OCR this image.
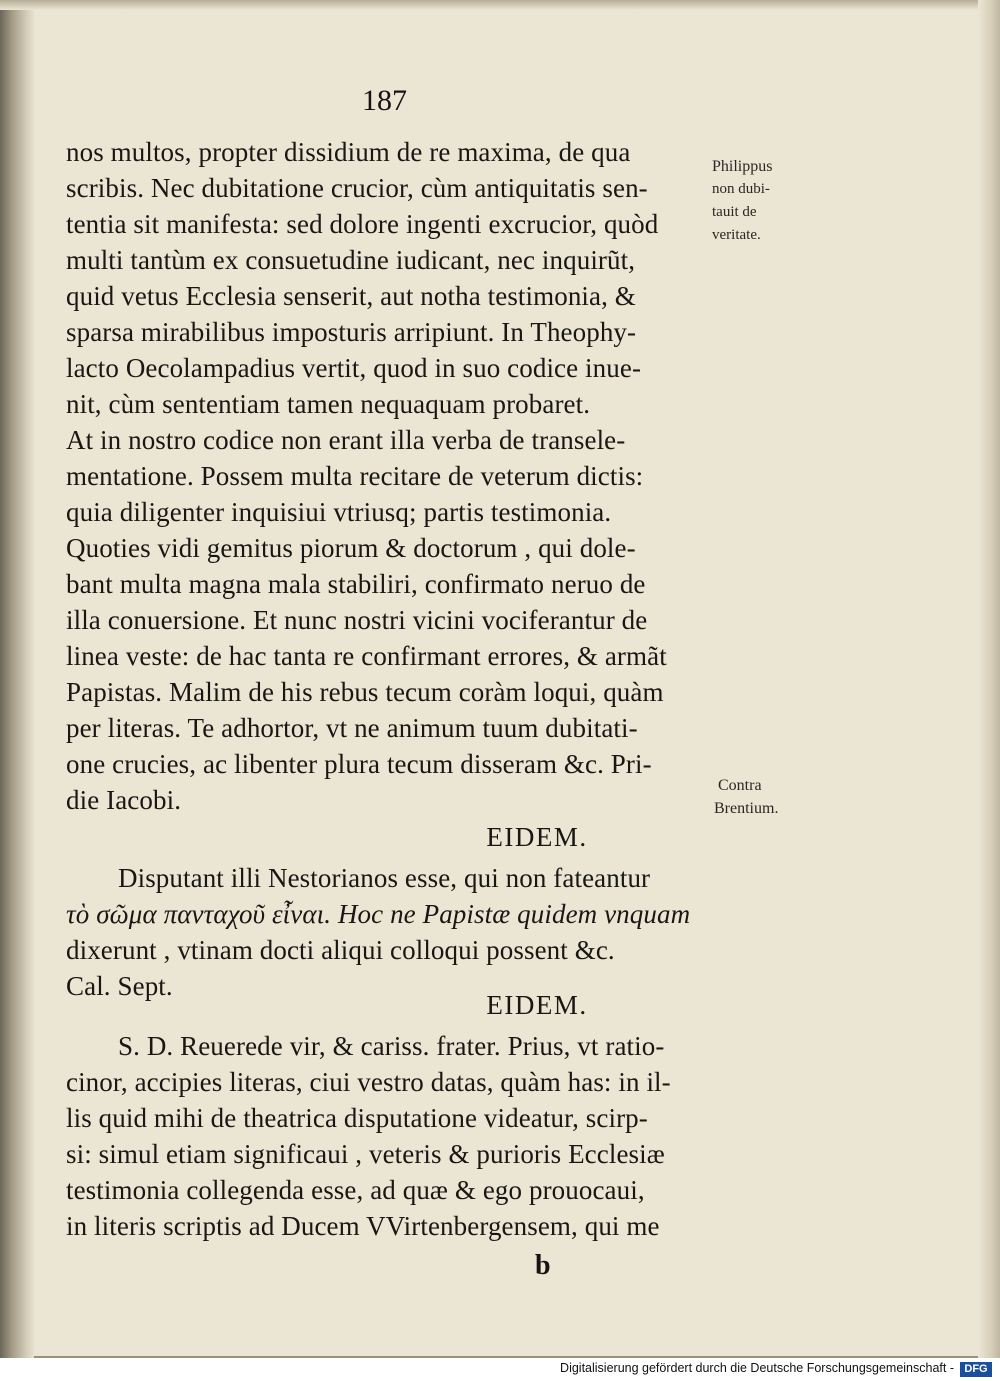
187
nos multos, propter dissidium de re maxima, de qua
scribis. Nec dubitatione crucior, cùm antiquitatis sen-
tentia sit manifesta: sed dolore ingenti excrucior, quòd
multi tantùm ex consuetudine iudicant, nec inquirũt,
quid vetus Ecclesia senserit, aut notha testimonia, &
sparsa mirabilibus imposturis arripiunt. In Theophy-
lacto Oecolampadius vertit, quod in suo codice inue-
nit, cùm sententiam tamen nequaquam probaret.
At in nostro codice non erant illa verba de transele-
mentatione. Possem multa recitare de veterum dictis:
quia diligenter inquisiui vtriusq; partis testimonia.
Quoties vidi gemitus piorum & doctorum , qui dole-
bant multa magna mala stabiliri, confirmato neruo de
illa conuersione. Et nunc nostri vicini vociferantur de
linea veste: de hac tanta re confirmant errores, & armãt
Papistas. Malim de his rebus tecum coràm loqui, quàm
per literas. Te adhortor, vt ne animum tuum dubitati-
one crucies, ac libenter plura tecum disseram &c. Pri-
die Iacobi.
EIDEM.
Disputant illi Nestorianos esse, qui non fateantur
τὸ σῶμα πανταχοῦ εἶναι. Hoc ne Papistæ quidem vnquam
dixerunt , vtinam docti aliqui colloqui possent &c.
Cal. Sept.
EIDEM.
S. D. Reuerede vir, & cariss. frater. Prius, vt ratio-
cinor, accipies literas, ciui vestro datas, quàm has: in il-
lis quid mihi de theatrica disputatione videatur, scirp-
si: simul etiam significaui , veteris & purioris Ecclesiæ
testimonia collegenda esse, ad quæ & ego prouocaui,
in literis scriptis ad Ducem VVirtenbergensem, qui me
b
Philippus
non dubi-
tauit de
veritate.
Contra
Brentium.
Digitalisierung gefördert durch die Deutsche Forschungsgemeinschaft - DFG
